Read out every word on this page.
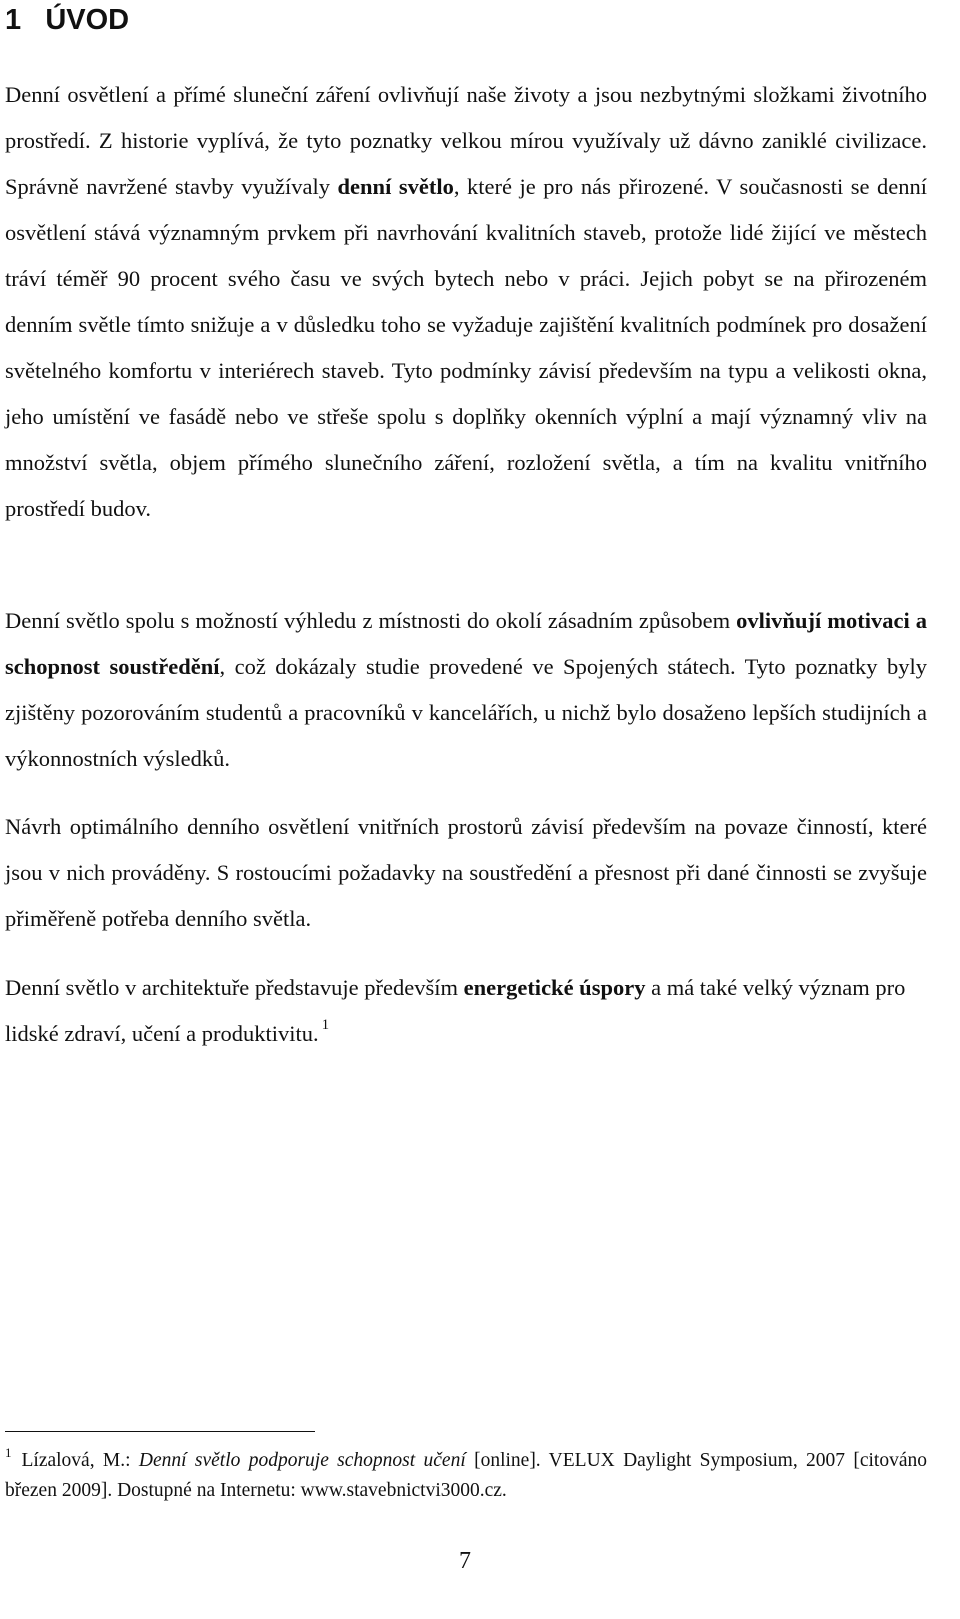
1 ÚVOD

Denní osvětlení a přímé sluneční záření ovlivňují naše životy a jsou nezbytnými složkami životního prostředí. Z historie vyplívá, že tyto poznatky velkou mírou využívaly už dávno zaniklé civilizace. Správně navržené stavby využívaly denní světlo, které je pro nás přirozené. V současnosti se denní osvětlení stává významným prvkem při navrhování kvalitních staveb, protože lidé žijící ve městech tráví téměř 90 procent svého času ve svých bytech nebo v práci. Jejich pobyt se na přirozeném denním světle tímto snižuje a v důsledku toho se vyžaduje zajištění kvalitních podmínek pro dosažení světelného komfortu v interiérech staveb. Tyto podmínky závisí především na typu a velikosti okna, jeho umístění ve fasádě nebo ve střeše spolu s doplňky okenních výplní a mají významný vliv na množství světla, objem přímého slunečního záření, rozložení světla, a tím na kvalitu vnitřního prostředí budov.

Denní světlo spolu s možností výhledu z místnosti do okolí zásadním způsobem ovlivňují motivaci a schopnost soustředění, což dokázaly studie provedené ve Spojených státech. Tyto poznatky byly zjištěny pozorováním studentů a pracovníků v kancelářích, u nichž bylo dosaženo lepších studijních a výkonnostních výsledků.

Návrh optimálního denního osvětlení vnitřních prostorů závisí především na povaze činností, které jsou v nich prováděny. S rostoucími požadavky na soustředění a přesnost při dané činnosti se zvyšuje přiměřeně potřeba denního světla.

Denní světlo v architektuře představuje především energetické úspory a má také velký význam pro lidské zdraví, učení a produktivitu. $^1$

$^1$ Lízalová, M.: Denní světlo podporuje schopnost učení [online]. VELUX Daylight Symposium, 2007 [citováno březen 2009]. Dostupné na Internetu: www.stavebnictvi3000.cz.

7
